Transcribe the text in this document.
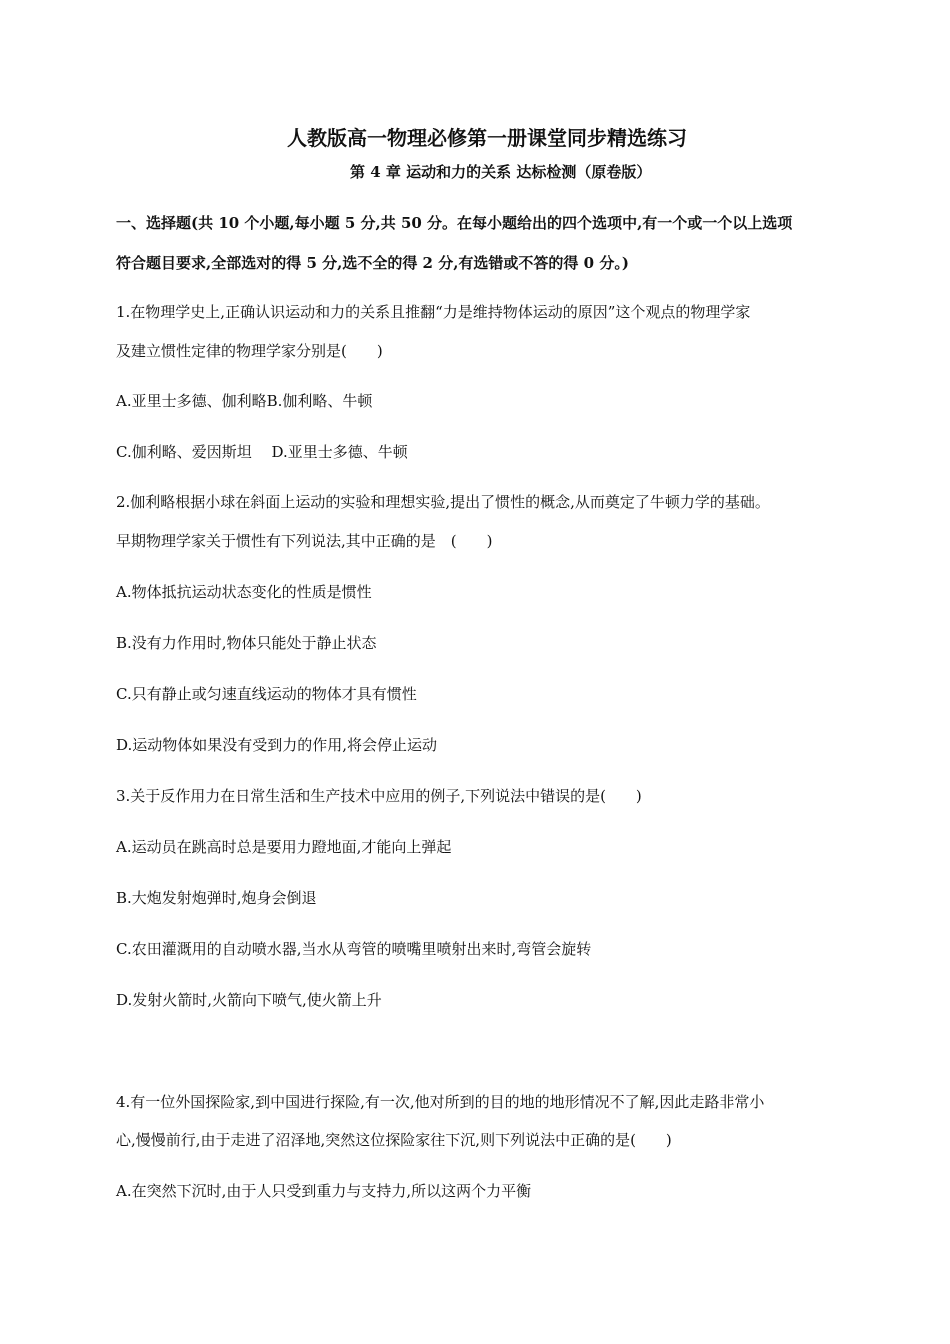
人教版高一物理必修第一册课堂同步精选练习
第 4 章 运动和力的关系 达标检测（原卷版）
一、选择题(共 10 个小题,每小题 5 分,共 50 分。在每小题给出的四个选项中,有一个或一个以上选项
符合题目要求,全部选对的得 5 分,选不全的得 2 分,有选错或不答的得 0 分。)
1.在物理学史上,正确认识运动和力的关系且推翻“力是维持物体运动的原因”这个观点的物理学家
及建立惯性定律的物理学家分别是(　　)
A.亚里士多德、伽利略B.伽利略、牛顿
C.伽利略、爱因斯坦　 D.亚里士多德、牛顿
2.伽利略根据小球在斜面上运动的实验和理想实验,提出了惯性的概念,从而奠定了牛顿力学的基础。
早期物理学家关于惯性有下列说法,其中正确的是　(　　)
A.物体抵抗运动状态变化的性质是惯性
B.没有力作用时,物体只能处于静止状态
C.只有静止或匀速直线运动的物体才具有惯性
D.运动物体如果没有受到力的作用,将会停止运动
3.关于反作用力在日常生活和生产技术中应用的例子,下列说法中错误的是(　　)
A.运动员在跳高时总是要用力蹬地面,才能向上弹起
B.大炮发射炮弹时,炮身会倒退
C.农田灌溉用的自动喷水器,当水从弯管的喷嘴里喷射出来时,弯管会旋转
D.发射火箭时,火箭向下喷气,使火箭上升
4.有一位外国探险家,到中国进行探险,有一次,他对所到的目的地的地形情况不了解,因此走路非常小
心,慢慢前行,由于走进了沼泽地,突然这位探险家往下沉,则下列说法中正确的是(　　)
A.在突然下沉时,由于人只受到重力与支持力,所以这两个力平衡
